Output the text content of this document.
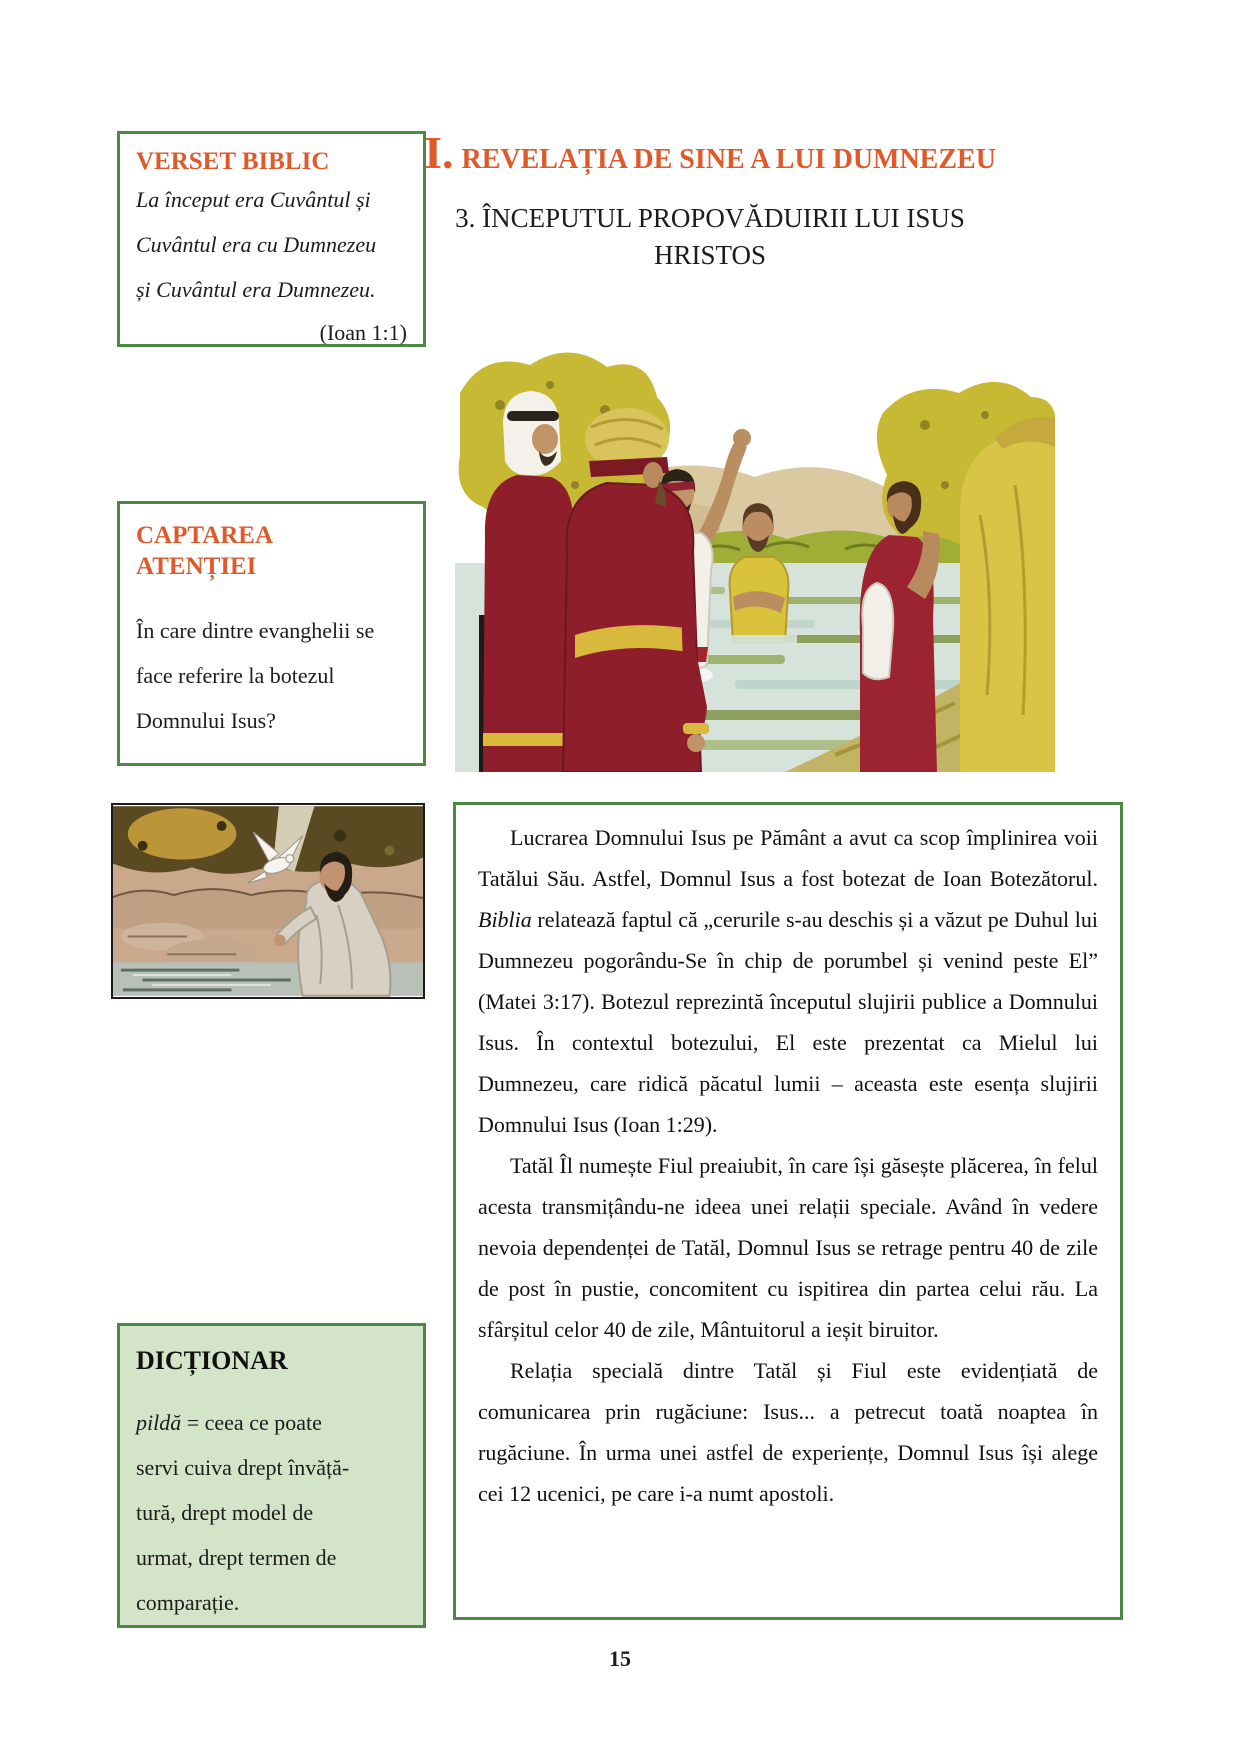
VERSET BIBLIC
La început era Cuvântul și
Cuvântul era cu Dumnezeu
și Cuvântul era Dumnezeu.
(Ioan 1:1)
I. REVELAȚIA DE SINE A LUI DUMNEZEU
3. ÎNCEPUTUL PROPOVĂDUIRII LUI ISUS
HRISTOS
CAPTAREA
ATENȚIEI
În care dintre evanghelii se
face referire la botezul
Domnului Isus?
DICȚIONAR
pildă = ceea ce poate
servi cuiva drept învăță-
tură, drept model de
urmat, drept termen de
comparație.

Lucrarea Domnului Isus pe Pământ a avut ca scop împlinirea voii Tatălui Său. Astfel, Domnul Isus a fost botezat de Ioan Botezătorul. Biblia relatează faptul că „cerurile s-au deschis și a văzut pe Duhul lui Dumnezeu pogorându-Se în chip de porumbel și venind peste El” (Matei 3:17). Botezul reprezintă începutul slujirii publice a Domnului Isus. În contextul botezului, El este prezentat ca Mielul lui Dumnezeu, care ridică păcatul lumii – aceasta este esența slujirii Domnului Isus (Ioan 1:29).

Tatăl Îl numește Fiul preaiubit, în care își găsește plăcerea, în felul acesta transmițându-ne ideea unei relații speciale. Având în vedere nevoia dependenței de Tatăl, Domnul Isus se retrage pentru 40 de zile de post în pustie, concomitent cu ispitirea din partea celui rău. La sfârșitul celor 40 de zile, Mântuitorul a ieșit biruitor.

Relația specială dintre Tatăl și Fiul este evidențiată de comunicarea prin rugăciune: Isus... a petrecut toată noaptea în rugăciune. În urma unei astfel de experiențe, Domnul Isus își alege cei 12 ucenici, pe care i-a numt apostoli.

15
